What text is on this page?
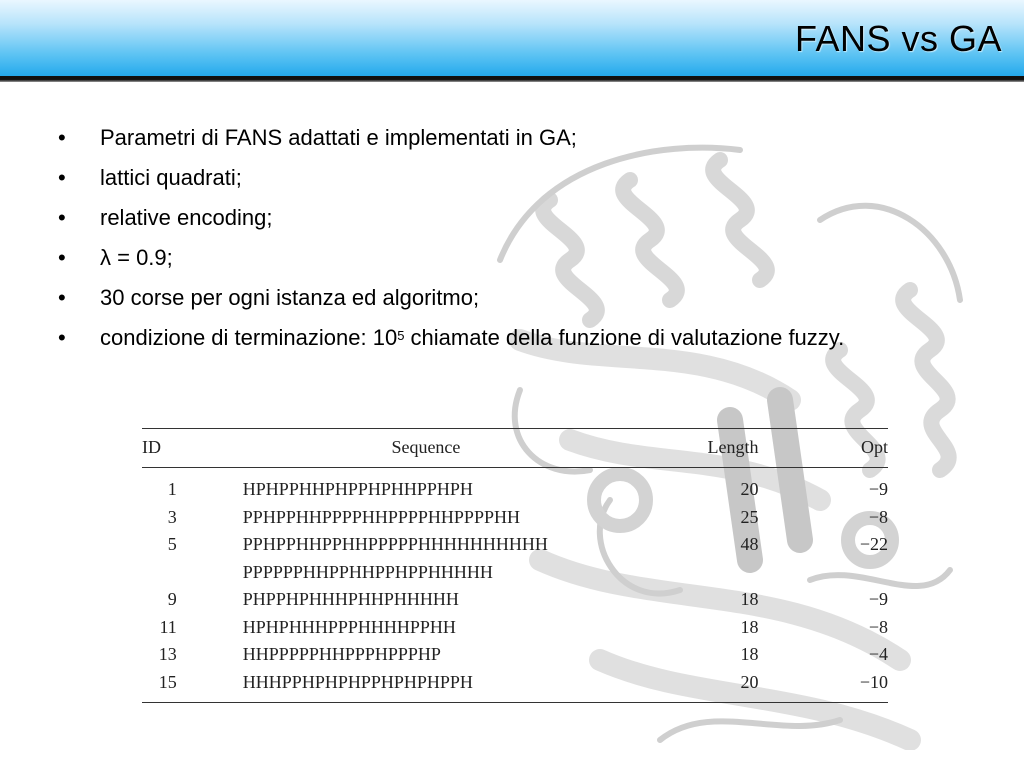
FANS vs GA
• Parametri di FANS adattati e implementati in GA;
• lattici quadrati;
• relative encoding;
• λ = 0.9;
• 30 corse per ogni istanza ed algoritmo;
• condizione di terminazione: $10^5$ chiamate della funzione di valutazione fuzzy.
ID	Sequence	Length	Opt
1	HPHPPHHPHPPHPHHPPHPH	20	−9
3	PPHPPHHPPPPHHPPPPHHPPPPHH	25	−8
5	PPHPPHHPPHHPPPPPHHHHHHHHHH	48	−22
	PPPPPPHHPPHHPPHPPHHHHH		
9	PHPPHPHHHPHHPHHHHH	18	−9
11	HPHPHHHPPPHHHHPPHH	18	−8
13	HHPPPPPHHPPPHPPPHP	18	−4
15	HHHPPHPHPHPPHPHPHPPH	20	−10
